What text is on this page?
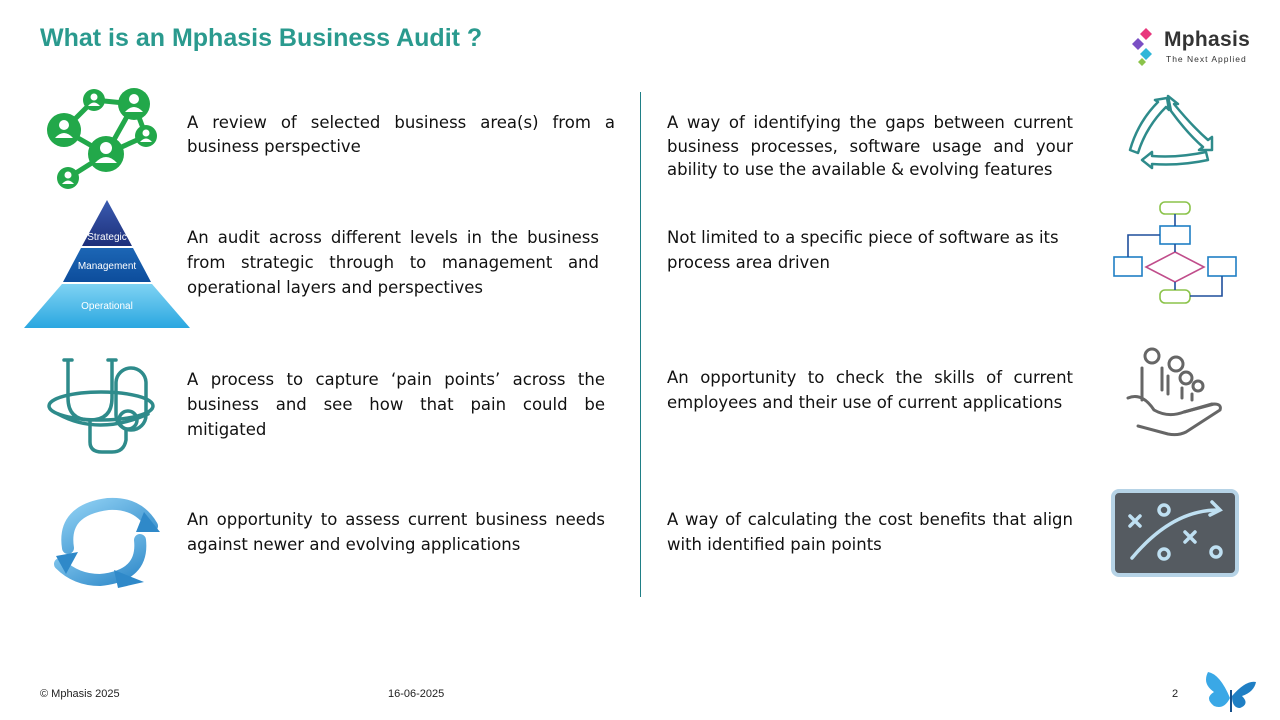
What is an Mphasis Business Audit ?	Mphasis
The Next Applied
Strategic
Management
Operational

A review of selected business area(s) from a business perspective

An audit across different levels in the business from strategic through to management and operational layers and perspectives

A process to capture ‘pain points’ across the business and see how that pain could be mitigated

An opportunity to assess current business needs against newer and evolving applications

A way of identifying the gaps between current business processes, software usage and your ability to use the available & evolving features

Not limited to a specific piece of software as its process area driven

An opportunity to check the skills of current employees and their use of current applications

A way of calculating the cost benefits that align with identified pain points

© Mphasis 2025	16-06-2025	2
